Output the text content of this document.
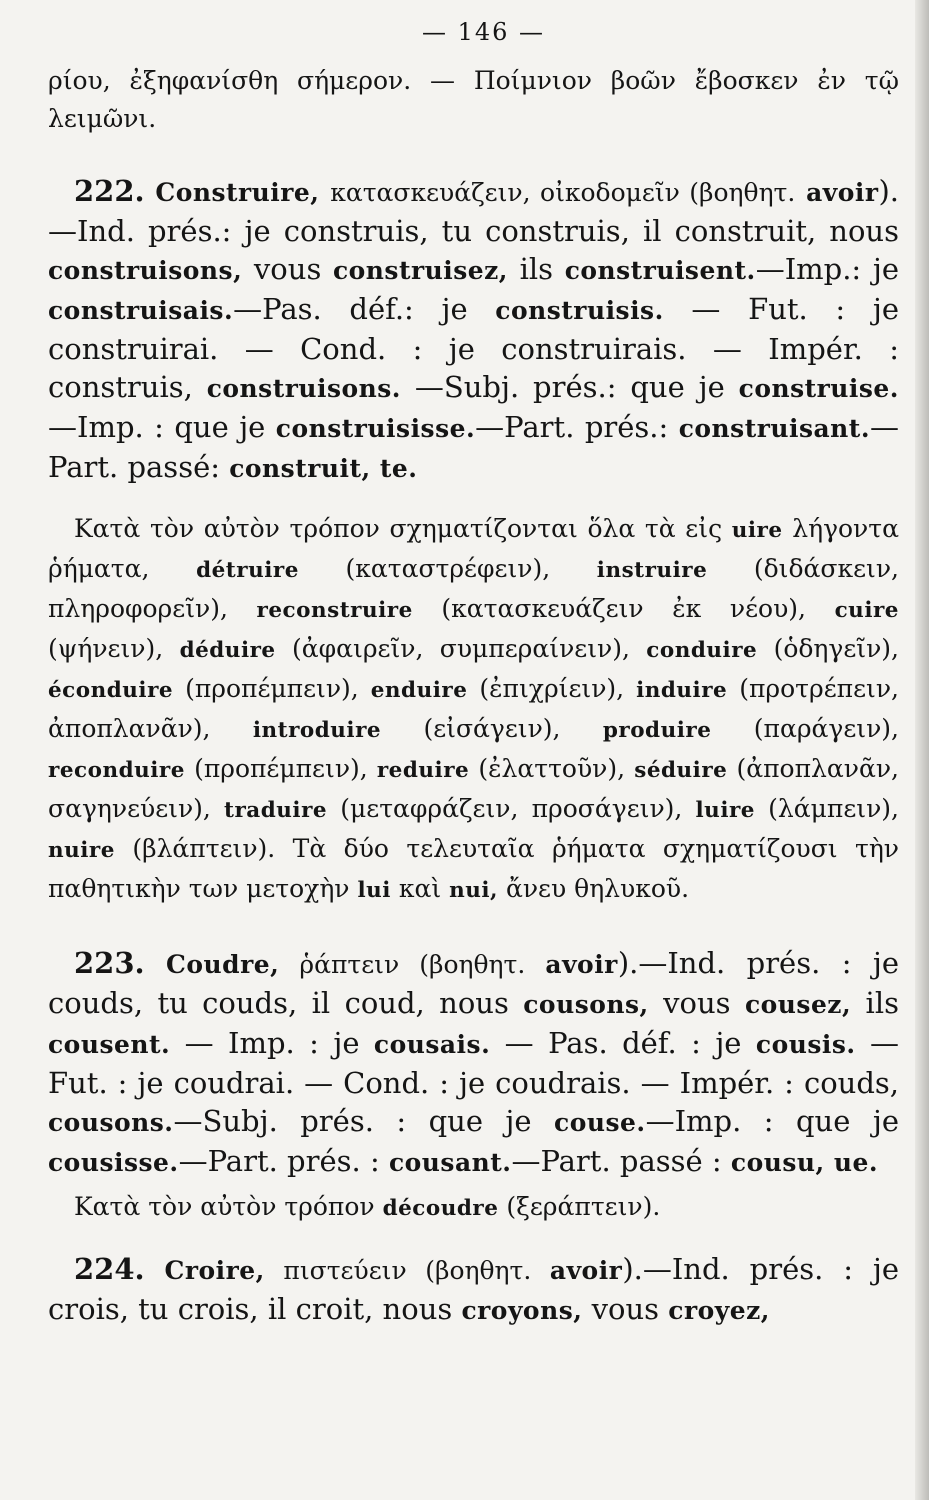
— 146 —

ρίου, ἐξηφανίσθη σήμερον. — Ποίμνιον βοῶν ἔβοσκεν ἐν τῷ λειμῶνι.

222. Construire, κατασκευάζειν, οἰκοδομεῖν (βοηθητ. avoir).—Ind. prés.: je construis, tu construis, il construit, nous construisons, vous construisez, ils construisent.—Imp.: je construisais.—Pas. déf.: je construisis. — Fut. : je construirai. — Cond. : je construirais. — Impér. : construis, construisons. —Subj. prés.: que je construise.—Imp. : que je construisisse.—Part. prés.: construisant.—Part. passé: construit, te.

Κατὰ τὸν αὐτὸν τρόπον σχηματίζονται ὅλα τὰ εἰς uire λήγοντα ῥήματα, détruire (καταστρέφειν), instruire (διδάσκειν, πληροφορεῖν), reconstruire (κατασκευάζειν ἐκ νέου), cuire (ψήνειν), déduire (ἀφαιρεῖν, συμπεραίνειν), conduire (ὁδηγεῖν), éconduire (προπέμπειν), enduire (ἐπιχρίειν), induire (προτρέπειν, ἀποπλανᾶν), introduire (εἰσάγειν), produire (παράγειν), reconduire (προπέμπειν), reduire (ἐλαττοῦν), séduire (ἀποπλανᾶν, σαγηνεύειν), traduire (μεταφράζειν, προσάγειν), luire (λάμπειν), nuire (βλάπτειν). Τὰ δύο τελευταῖα ῥήματα σχηματίζουσι τὴν παθητικὴν των μετοχὴν lui καὶ nui, ἄνευ θηλυκοῦ.

223. Coudre, ῥάπτειν (βοηθητ. avoir).—Ind. prés. : je couds, tu couds, il coud, nous cousons, vous cousez, ils cousent. — Imp. : je cousais. — Pas. déf. : je cousis. — Fut. : je coudrai. — Cond. : je coudrais. — Impér. : couds, cousons.—Subj. prés. : que je couse.—Imp. : que je cousisse.—Part. prés. : cousant.—Part. passé : cousu, ue.

Κατὰ τὸν αὐτὸν τρόπον découdre (ξεράπτειν).

224. Croire, πιστεύειν (βοηθητ. avoir).—Ind. prés. : je crois, tu crois, il croit, nous croyons, vous croyez,
